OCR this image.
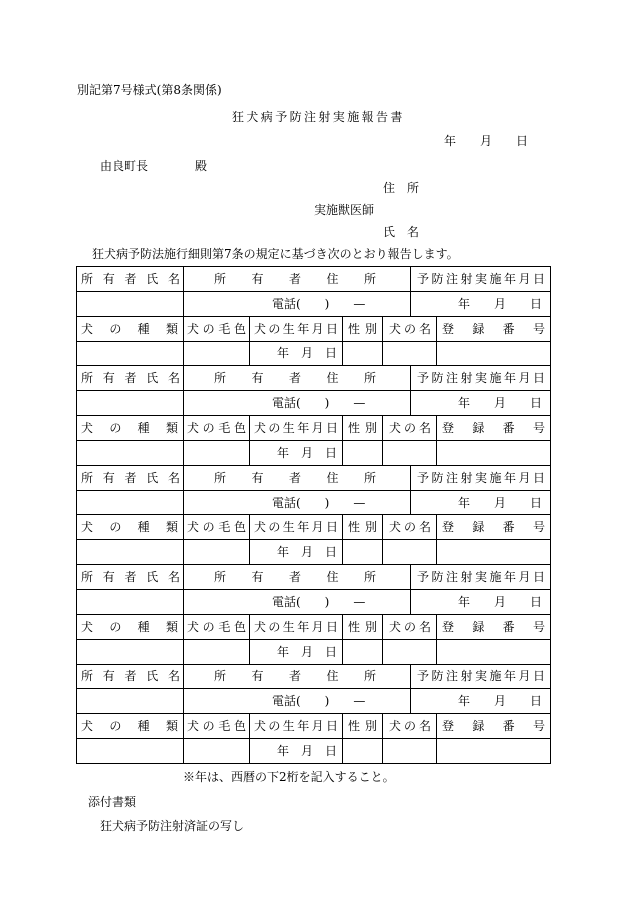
別記第7号様式(第8条関係)

狂犬病予防注射実施報告書

年　　月　　日

由良町長	殿

住　所

実施獣医師

氏　名

狂犬病予防法施行細則第7条の規定に基づき次のとおり報告します。

所有者氏名	所有者住所				予防注射実施年月日	
	電話(　　)　　—				年　　月　　日	
犬の種類	犬の毛色	犬の生年月日	性別	犬の名		登録番号
		年　月　日				
所有者氏名	所有者住所				予防注射実施年月日	
	電話(　　)　　—				年　　月　　日	
犬の種類	犬の毛色	犬の生年月日	性別	犬の名		登録番号
		年　月　日				
所有者氏名	所有者住所				予防注射実施年月日	
	電話(　　)　　—				年　　月　　日	
犬の種類	犬の毛色	犬の生年月日	性別	犬の名		登録番号
		年　月　日				
所有者氏名	所有者住所				予防注射実施年月日	
	電話(　　)　　—				年　　月　　日	
犬の種類	犬の毛色	犬の生年月日	性別	犬の名		登録番号
		年　月　日				
所有者氏名	所有者住所				予防注射実施年月日	
	電話(　　)　　—				年　　月　　日	
犬の種類	犬の毛色	犬の生年月日	性別	犬の名		登録番号
		年　月　日				

※年は、西暦の下2桁を記入すること。

添付書類

狂犬病予防注射済証の写し
